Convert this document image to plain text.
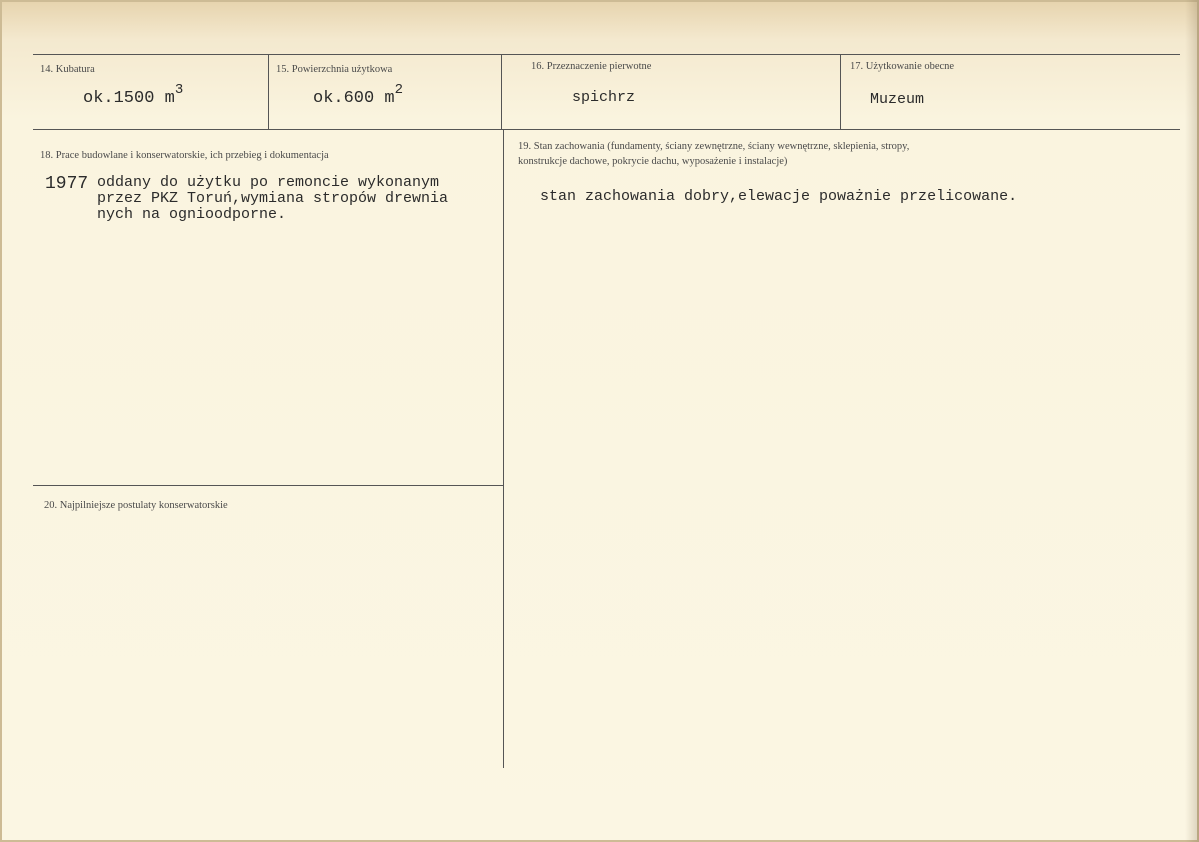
14. Kubatura
ok.1500 $m^3$
15. Powierzchnia użytkowa
ok.600 $m^2$
16. Przeznaczenie pierwotne
spichrz
17. Użytkowanie obecne
Muzeum
18. Prace budowlane i konserwatorskie, ich przebieg i dokumentacja
1977 oddany do użytku po remoncie wykonanym
przez PKZ Toruń,wymiana stropów drewnia
nych na ognioodporne.
19. Stan zachowania (fundamenty, ściany zewnętrzne, ściany wewnętrzne, sklepienia, stropy,
konstrukcje dachowe, pokrycie dachu, wyposażenie i instalacje)
stan zachowania dobry,elewacje poważnie przelicowane.
20. Najpilniejsze postulaty konserwatorskie
